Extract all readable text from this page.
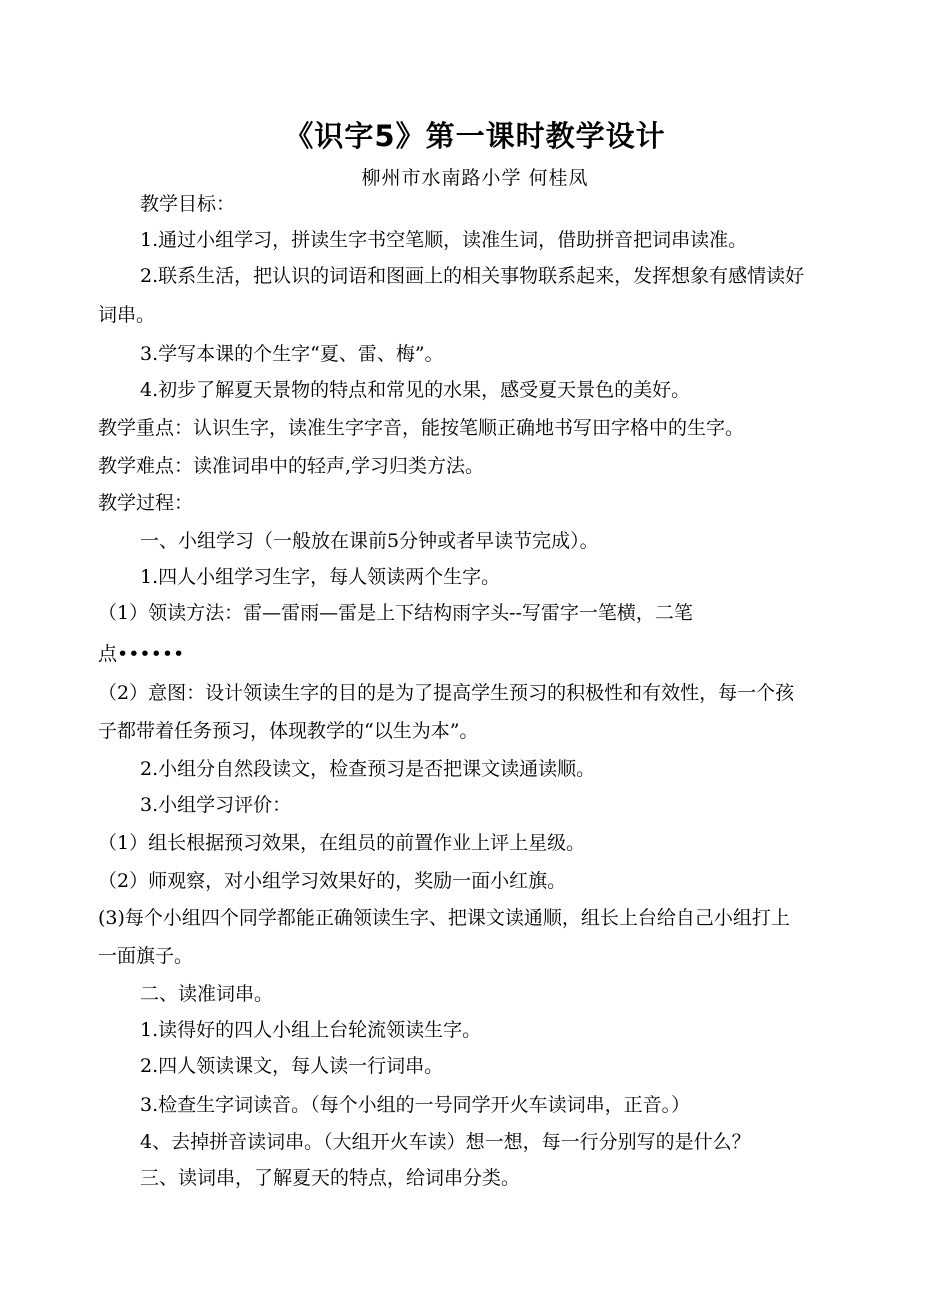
《识字5》第一课时教学设计
柳州市水南路小学 何桂凤
教学目标：
1.通过小组学习，拼读生字书空笔顺，读准生词，借助拼音把词串读准。
2.联系生活，把认识的词语和图画上的相关事物联系起来，发挥想象有感情读好
词串。
3.学写本课的个生字“夏、雷、梅”。
4.初步了解夏天景物的特点和常见的水果，感受夏天景色的美好。
教学重点：认识生字，读准生字字音，能按笔顺正确地书写田字格中的生字。
教学难点：读准词串中的轻声,学习归类方法。
教学过程：
一、小组学习（一般放在课前5分钟或者早读节完成）。
1.四人小组学习生字，每人领读两个生字。
（1）领读方法：雷—雷雨—雷是上下结构雨字头--写雷字一笔横，二笔
点••••••
（2）意图：设计领读生字的目的是为了提高学生预习的积极性和有效性，每一个孩
子都带着任务预习，体现教学的“以生为本”。
2.小组分自然段读文，检查预习是否把课文读通读顺。
3.小组学习评价：
（1）组长根据预习效果，在组员的前置作业上评上星级。
（2）师观察，对小组学习效果好的，奖励一面小红旗。
(3)每个小组四个同学都能正确领读生字、把课文读通顺，组长上台给自己小组打上
一面旗子。
二、读准词串。
1.读得好的四人小组上台轮流领读生字。
2.四人领读课文，每人读一行词串。
3.检查生字词读音。（每个小组的一号同学开火车读词串，正音。）
4、去掉拼音读词串。（大组开火车读）想一想，每一行分别写的是什么？
三、读词串，了解夏天的特点，给词串分类。
